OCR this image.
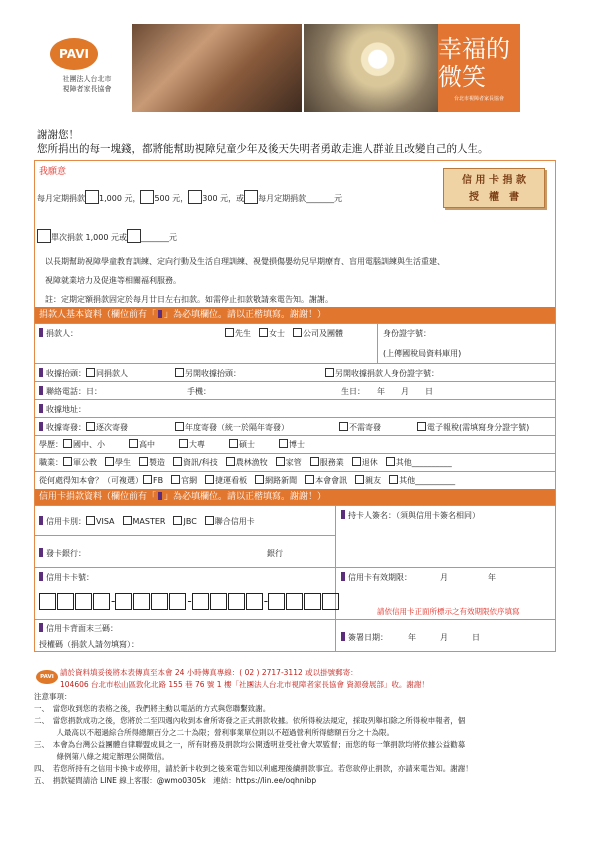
PAVI
社團法人台北市
視障者家長協會
幸福的微笑
台北市視障者家長協會
謝謝您！
您所捐出的每一塊錢，都將能幫助視障兒童少年及後天失明者勇敢走進人群並且改變自己的人生。
我願意
每月定期捐款 1,000 元， 500 元， 300 元，或 每月定期捐款_______元
單次捐款 1,000 元或 _______元
以長期幫助視障學童教育訓練、定向行動及生活自理訓練、視覺損傷嬰幼兒早期療育、盲用電腦訓練與生活重建、
視障就業培力及促進等相關福利服務。
註：定期定額捐款固定於每月廿日左右扣款。如需停止扣款敬請來電告知。謝謝。
捐款人基本資料（欄位前有「 」為必填欄位。請以正楷填寫。謝謝！）
捐款人：	先生　 女士　 公司及團體	身份證字號：
(上傳國稅局資料庫用)
收據抬頭： 同捐款人	另開收據抬頭：	另開收據捐款人身份證字號：
聯絡電話：日：	手機：	生日：　　 年　　 月　　 日
收據地址：
收據寄發： 逐次寄發	年度寄發（統一於隔年寄發）	不需寄發	電子報稅(需填寫身分證字號)
學歷： 國中、小　　　	高中　　　	大專　　　	碩士　　　	博士
職業： 軍公教　 學生　 製造　 資訊/科技　 農林漁牧　 家管　 服務業　 退休　 其他__________
從何處得知本會？（可複選） FB　 官網　 捷運看板　 網路新聞　 本會會訊　 親友　 其他__________
信用卡捐款資料（欄位前有「 」為必填欄位。請以正楷填寫。謝謝！）
信用卡別： VISA　 MASTER　 JBC　 聯合信用卡
持卡人簽名：（須與信用卡簽名相同）
發卡銀行：	銀行
信用卡卡號：
-	-	-
信用卡有效期限：　　　　	月　　　　　	年
請依信用卡正面所標示之有效期限依序填寫
信用卡背面末三碼：
授權碼（捐款人請勿填寫）：
簽署日期：　　　	年　　　	月　　　	日
信 用 卡 捐 款
授　權　書
PAVI 請於資料填妥後將本表傳真至本會 24 小時傳真專線：( 02 ) 2717-3112 或以掛號郵寄：
104606 台北市松山區敦化北路 155 巷 76 號 1 樓「社團法人台北市視障者家長協會 資源發展部」收。謝謝！
注意事項：
一、　當您收到您的表格之後，我們將主動以電話的方式與您聯繫致謝。
二、　當您捐款成功之後，您將於二至四週內收到本會所寄發之正式捐款收據。依所得稅法規定，採取列舉扣除之所得稅申報者，個
　　　人最高以不超過綜合所得總額百分之二十為限；營利事業單位則以不超過營利所得總額百分之十為限。
三、　本會為台灣公益團體自律聯盟成員之一，所有財務及捐款均公開透明並受社會大眾監督；而您的每一筆捐款均將依據公益勸募
　　　條例第八條之規定辦理公開徵信。
四、　若您所持有之信用卡換卡或停用，請於新卡收到之後來電告知以利處理後續捐款事宜。若您欲停止捐款，亦請來電告知。謝謝！
五、　捐款疑問請洽 LINE 線上客服：@wmo0305k　連結：https://lin.ee/oqhnibp
